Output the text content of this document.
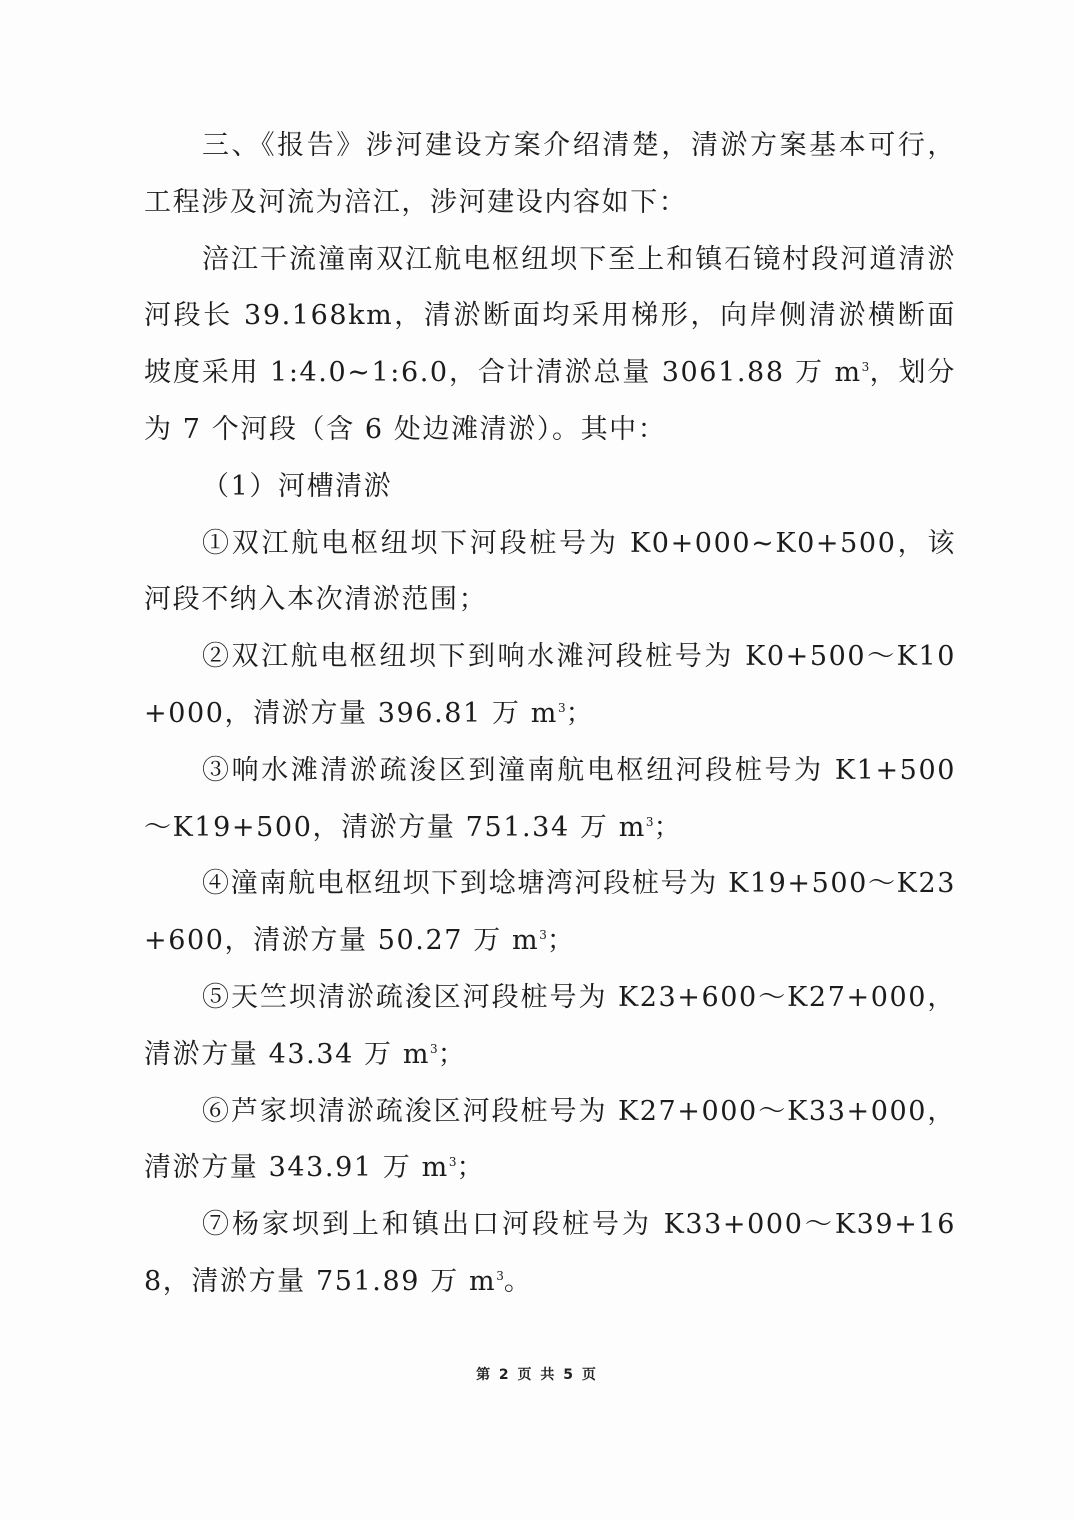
三、《报告》涉河建设方案介绍清楚，清淤方案基本可行，工程涉及河流为涪江，涉河建设内容如下：

涪江干流潼南双江航电枢纽坝下至上和镇石镜村段河道清淤河段长 39.168km，清淤断面均采用梯形，向岸侧清淤横断面坡度采用 1:4.0~1:6.0，合计清淤总量 3061.88 万 $m^3$，划分为 7 个河段（含 6 处边滩清淤）。其中：

（1）河槽清淤

①双江航电枢纽坝下河段桩号为 K0+000~K0+500，该河段不纳入本次清淤范围；

②双江航电枢纽坝下到响水滩河段桩号为 K0+500～K10+000，清淤方量 396.81 万 $m^3$；

③响水滩清淤疏浚区到潼南航电枢纽河段桩号为 K1+500～K19+500，清淤方量 751.34 万 $m^3$；

④潼南航电枢纽坝下到埝塘湾河段桩号为 K19+500～K23+600，清淤方量 50.27 万 $m^3$；

⑤天竺坝清淤疏浚区河段桩号为 K23+600～K27+000，清淤方量 43.34 万 $m^3$；

⑥芦家坝清淤疏浚区河段桩号为 K27+000～K33+000，清淤方量 343.91 万 $m^3$；

⑦杨家坝到上和镇出口河段桩号为 K33+000～K39+168，清淤方量 751.89 万 $m^3$。

第 2 页 共 5 页
